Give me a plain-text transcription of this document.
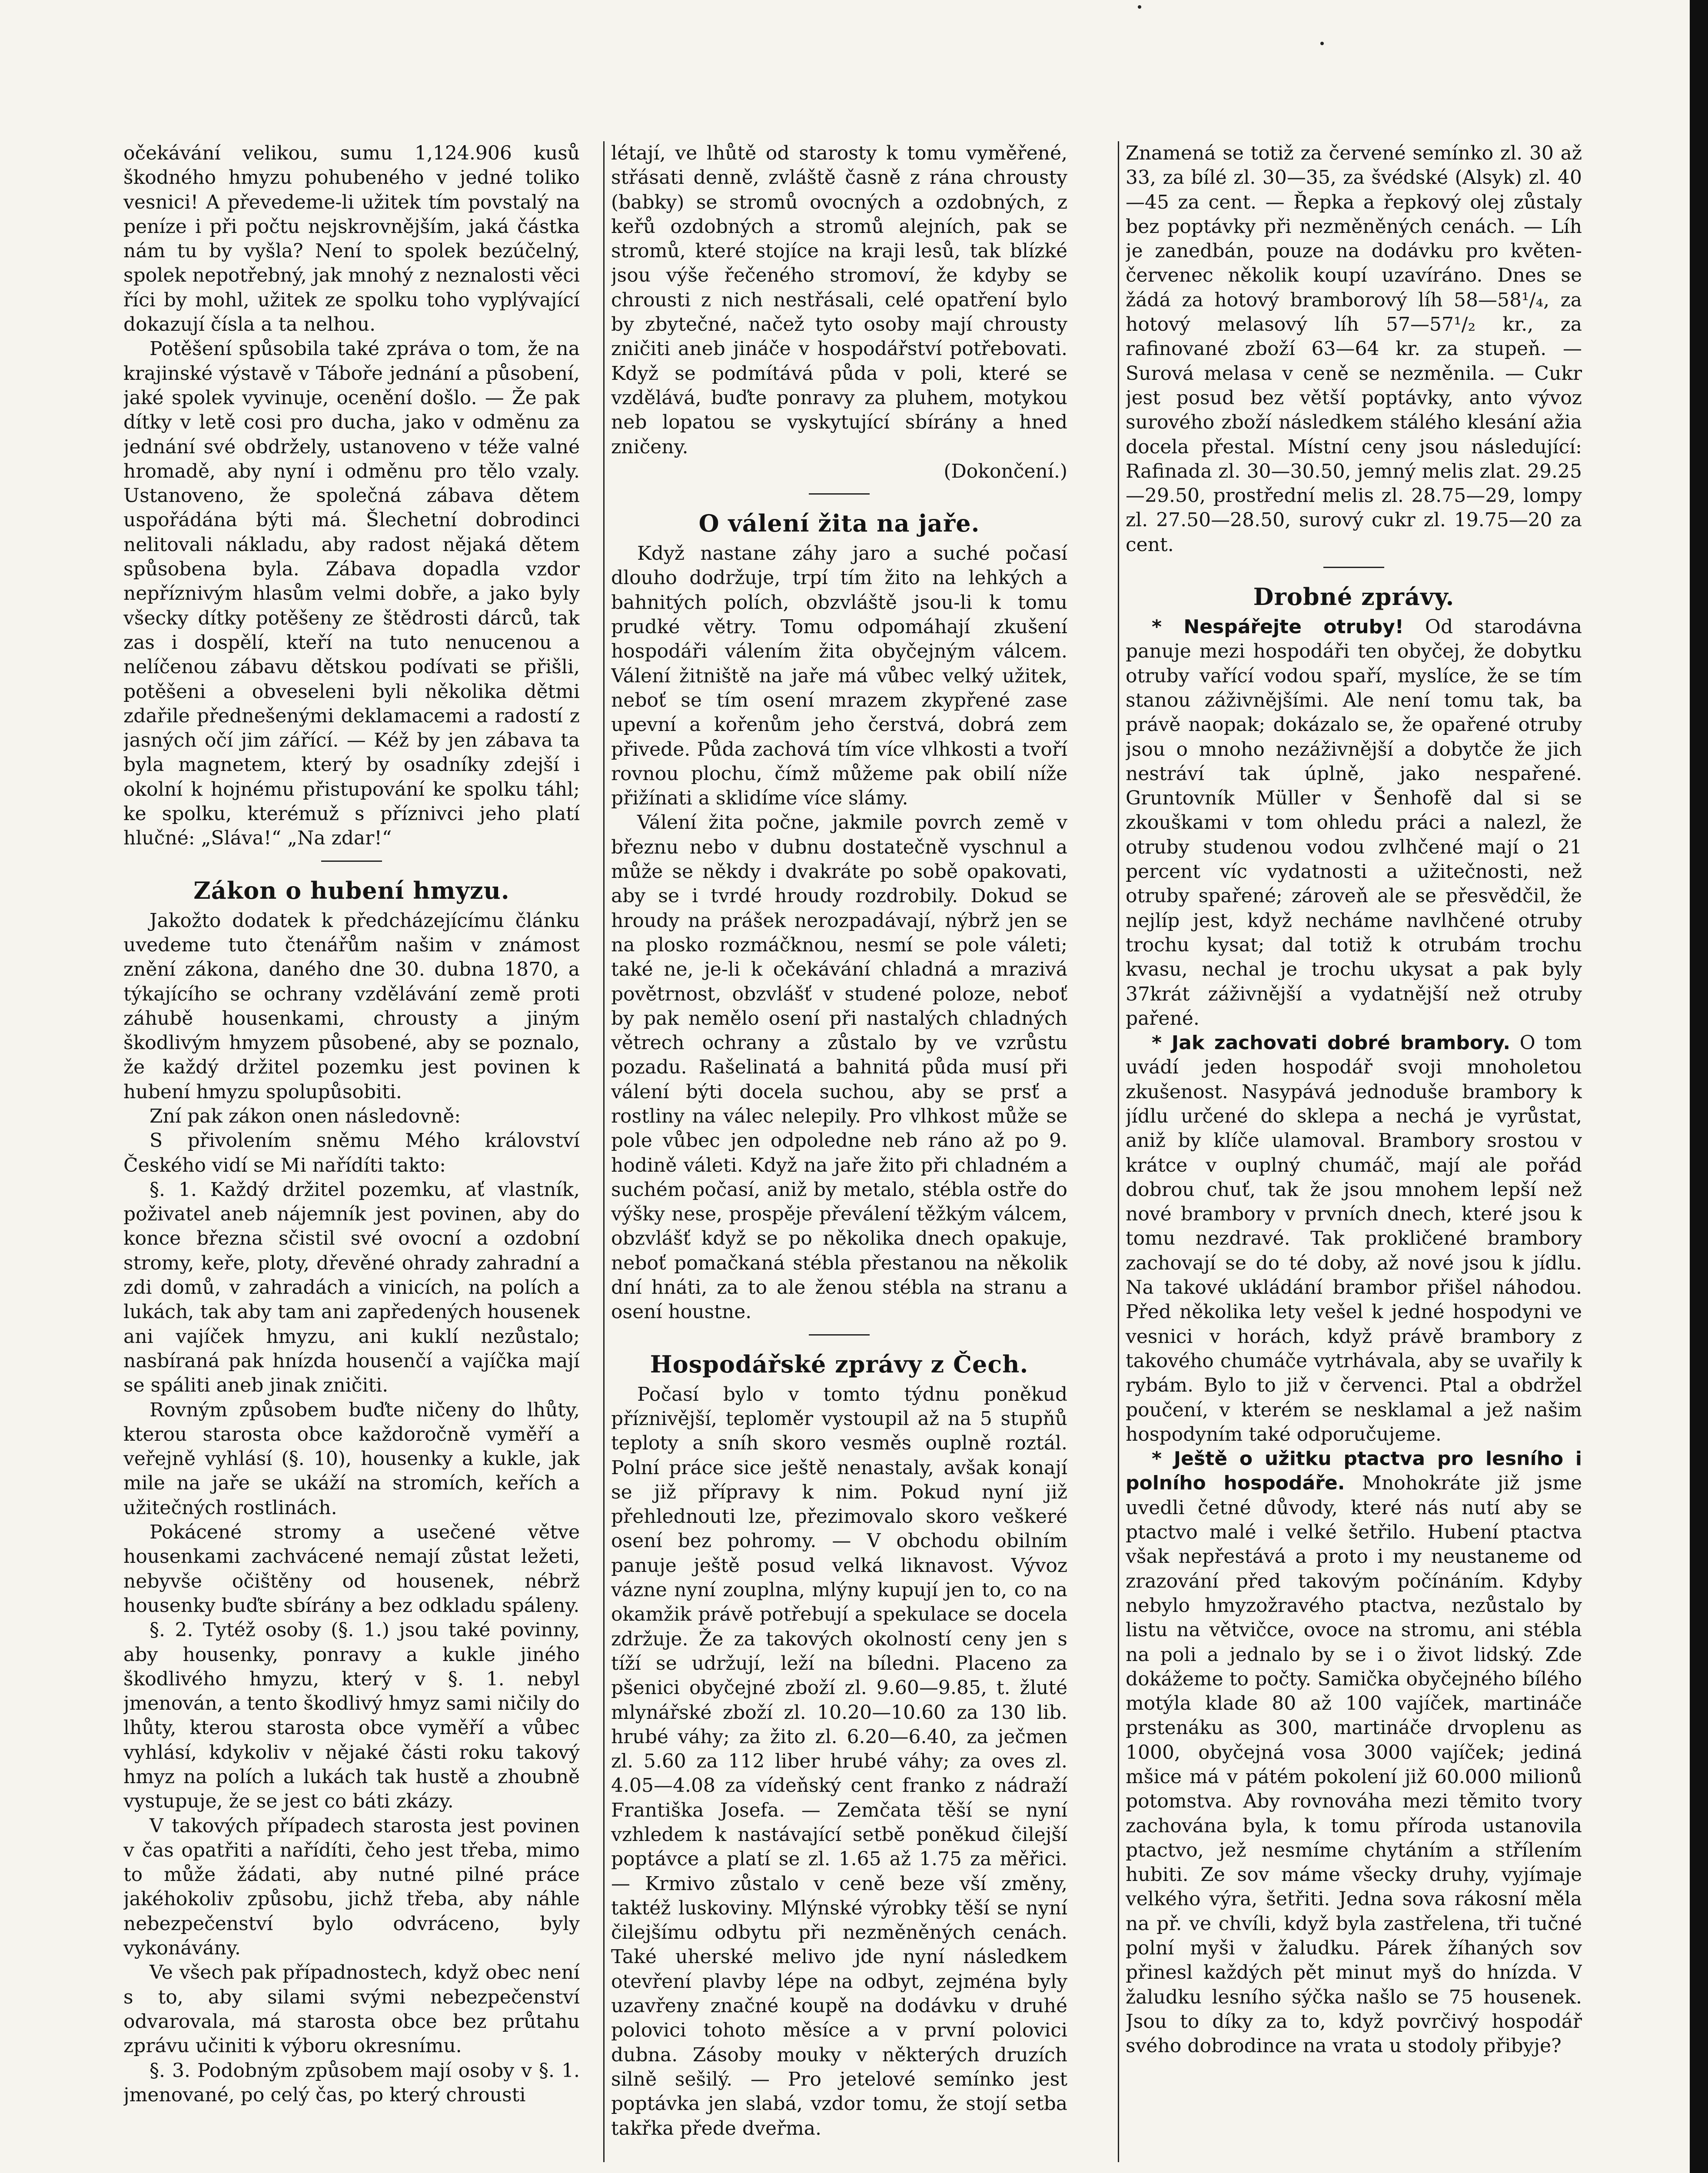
očekávání velikou, sumu 1,124.906 kusů škodného hmyzu pohubeného v jedné toliko vesnici! A převedeme-li užitek tím povstalý na peníze i při počtu nejskrovnějším, jaká částka nám tu by vyšla? Není to spolek bezúčelný, spolek nepotřebný, jak mnohý z neznalosti věci říci by mohl, užitek ze spolku toho vyplývající dokazují čísla a ta nelhou.

Potěšení spůsobila také zpráva o tom, že na krajinské výstavě v Táboře jednání a působení, jaké spolek vyvinuje, ocenění došlo. — Že pak dítky v letě cosi pro ducha, jako v odměnu za jednání své obdržely, ustanoveno v téže valné hromadě, aby nyní i odměnu pro tělo vzaly. Ustanoveno, že společná zábava dětem uspořádána býti má. Šlechetní dobrodinci nelitovali nákladu, aby radost nějaká dětem spůsobena byla. Zábava dopadla vzdor nepříznivým hlasům velmi dobře, a jako byly všecky dítky potěšeny ze štědrosti dárců, tak zas i dospělí, kteří na tuto nenucenou a nelíčenou zábavu dětskou podívati se přišli, potěšeni a obveseleni byli několika dětmi zdařile přednešenými deklamacemi a radostí z jasných očí jim zářící. — Kéž by jen zábava ta byla magnetem, který by osadníky zdejší i okolní k hojnému přistupování ke spolku táhl; ke spolku, kterémuž s příznivci jeho platí hlučné: „Sláva!“ „Na zdar!“

Zákon o hubení hmyzu.

Jakožto dodatek k předcházejícímu článku uvedeme tuto čtenářům našim v známost znění zákona, daného dne 30. dubna 1870, a týkajícího se ochrany vzdělávání země proti záhubě housenkami, chrousty a jiným škodlivým hmyzem působené, aby se poznalo, že každý držitel pozemku jest povinen k hubení hmyzu spolupůsobiti.

Zní pak zákon onen následovně:

S přivolením sněmu Mého království Českého vidí se Mi nařídíti takto:

§. 1. Každý držitel pozemku, ať vlastník, poživatel aneb nájemník jest povinen, aby do konce března sčistil své ovocní a ozdobní stromy, keře, ploty, dřevěné ohrady zahradní a zdi domů, v zahradách a vinicích, na polích a lukách, tak aby tam ani zapředených housenek ani vajíček hmyzu, ani kuklí nezůstalo; nasbíraná pak hnízda housenčí a vajíčka mají se spáliti aneb jinak zničiti.

Rovným způsobem buďte ničeny do lhůty, kterou starosta obce každoročně vyměří a veřejně vyhlásí (§. 10), housenky a kukle, jak mile na jaře se ukáží na stromích, keřích a užitečných rostlinách.

Pokácené stromy a usečené větve housenkami zachvácené nemají zůstat ležeti, nebyvše očištěny od housenek, nébrž housenky buďte sbírány a bez odkladu spáleny.

§. 2. Tytéž osoby (§. 1.) jsou také povinny, aby housenky, ponravy a kukle jiného škodlivého hmyzu, který v §. 1. nebyl jmenován, a tento škodlivý hmyz sami ničily do lhůty, kterou starosta obce vyměří a vůbec vyhlásí, kdykoliv v nějaké části roku takový hmyz na polích a lukách tak hustě a zhoubně vystupuje, že se jest co báti zkázy.

V takových případech starosta jest povinen v čas opatřiti a nařídíti, čeho jest třeba, mimo to může žádati, aby nutné pilné práce jakéhokoliv způsobu, jichž třeba, aby náhle nebezpečenství bylo odvráceno, byly vykonávány.

Ve všech pak případnostech, když obec není s to, aby silami svými nebezpečenství odvarovala, má starosta obce bez průtahu zprávu učiniti k výboru okresnímu.

§. 3. Podobným způsobem mají osoby v §. 1. jmenované, po celý čas, po který chrousti

létají, ve lhůtě od starosty k tomu vyměřené, střásati denně, zvláště časně z rána chrousty (babky) se stromů ovocných a ozdobných, z keřů ozdobných a stromů alejních, pak se stromů, které stojíce na kraji lesů, tak blízké jsou výše řečeného stromoví, že kdyby se chrousti z nich nestřásali, celé opatření bylo by zbytečné, načež tyto osoby mají chrousty zničiti aneb jináče v hospodářství potřebovati. Když se podmítává půda v poli, které se vzdělává, buďte ponravy za pluhem, motykou neb lopatou se vyskytující sbírány a hned zničeny.

(Dokončení.)
O válení žita na jaře.

Když nastane záhy jaro a suché počasí dlouho dodržuje, trpí tím žito na lehkých a bahnitých polích, obzvláště jsou-li k tomu prudké větry. Tomu odpomáhají zkušení hospodáři válením žita obyčejným válcem. Válení žitniště na jaře má vůbec velký užitek, neboť se tím osení mrazem zkypřené zase upevní a kořenům jeho čerstvá, dobrá zem přivede. Půda zachová tím více vlhkosti a tvoří rovnou plochu, čímž můžeme pak obilí níže přižínati a sklidíme více slámy.

Válení žita počne, jakmile povrch země v březnu nebo v dubnu dostatečně vyschnul a může se někdy i dvakráte po sobě opakovati, aby se i tvrdé hroudy rozdrobily. Dokud se hroudy na prášek nerozpadávají, nýbrž jen se na plosko rozmáčknou, nesmí se pole váleti; také ne, je-li k očekávání chladná a mrazivá povětrnost, obzvlášť v studené poloze, neboť by pak nemělo osení při nastalých chladných větrech ochrany a zůstalo by ve vzrůstu pozadu. Rašelinatá a bahnitá půda musí při válení býti docela suchou, aby se prsť a rostliny na válec nelepily. Pro vlhkost může se pole vůbec jen odpoledne neb ráno až po 9. hodině váleti. Když na jaře žito při chladném a suchém počasí, aniž by metalo, stébla ostře do výšky nese, prospěje převálení těžkým válcem, obzvlášť když se po několika dnech opakuje, neboť pomačkaná stébla přestanou na několik dní hnáti, za to ale ženou stébla na stranu a osení houstne.

Hospodářské zprávy z Čech.

Počasí bylo v tomto týdnu poněkud příznivější, teploměr vystoupil až na 5 stupňů teploty a sníh skoro vesměs ouplně roztál. Polní práce sice ještě nenastaly, avšak konají se již přípravy k nim. Pokud nyní již přehlednouti lze, přezimovalo skoro veškeré osení bez pohromy. — V obchodu obilním panuje ještě posud velká liknavost. Vývoz vázne nyní zouplna, mlýny kupují jen to, co na okamžik právě potřebují a spekulace se docela zdržuje. Že za takových okolností ceny jen s tíží se udržují, leží na bíledni. Placeno za pšenici obyčejné zboží zl. 9.60—9.85, t. žluté mlynářské zboží zl. 10.20—10.60 za 130 lib. hrubé váhy; za žito zl. 6.20—6.40, za ječmen zl. 5.60 za 112 liber hrubé váhy; za oves zl. 4.05—4.08 za vídeňský cent franko z nádraží Františka Josefa. — Zemčata těší se nyní vzhledem k nastávající setbě poněkud čilejší poptávce a platí se zl. 1.65 až 1.75 za měřici. — Krmivo zůstalo v ceně beze vší změny, taktéž luskoviny. Mlýnské výrobky těší se nyní čilejšímu odbytu při nezměněných cenách. Také uherské melivo jde nyní následkem otevření plavby lépe na odbyt, zejména byly uzavřeny značné koupě na dodávku v druhé polovici tohoto měsíce a v první polovici dubna. Zásoby mouky v některých druzích silně sešilý. — Pro jetelové semínko jest poptávka jen slabá, vzdor tomu, že stojí setba takřka přede dveřma.

Znamená se totiž za červené semínko zl. 30 až 33, za bílé zl. 30—35, za švédské (Alsyk) zl. 40—45 za cent. — Řepka a řepkový olej zůstaly bez poptávky při nezměněných cenách. — Líh je zanedbán, pouze na dodávku pro květen-červenec několik koupí uzavíráno. Dnes se žádá za hotový bramborový líh 58—58¹/₄, za hotový melasový líh 57—57¹/₂ kr., za rafinované zboží 63—64 kr. za stupeň. — Surová melasa v ceně se nezměnila. — Cukr jest posud bez větší poptávky, anto vývoz surového zboží následkem stálého klesání ažia docela přestal. Místní ceny jsou následující: Rafinada zl. 30—30.50, jemný melis zlat. 29.25—29.50, prostřední melis zl. 28.75—29, lompy zl. 27.50—28.50, surový cukr zl. 19.75—20 za cent.

Drobné zprávy.

* Nespářejte otruby! Od starodávna panuje mezi hospodáři ten obyčej, že dobytku otruby vařící vodou spaří, myslíce, že se tím stanou záživnějšími. Ale není tomu tak, ba právě naopak; dokázalo se, že opařené otruby jsou o mnoho nezáživnější a dobytče že jich nestráví tak úplně, jako nespařené. Gruntovník Müller v Šenhofě dal si se zkouškami v tom ohledu práci a nalezl, že otruby studenou vodou zvlhčené mají o 21 percent víc vydatnosti a užitečnosti, než otruby spařené; zároveň ale se přesvědčil, že nejlíp jest, když necháme navlhčené otruby trochu kysat; dal totiž k otrubám trochu kvasu, nechal je trochu ukysat a pak byly 37krát záživnější a vydatnější než otruby pařené.

* Jak zachovati dobré brambory. O tom uvádí jeden hospodář svoji mnoholetou zkušenost. Nasypává jednoduše brambory k jídlu určené do sklepa a nechá je vyrůstat, aniž by klíče ulamoval. Brambory srostou v krátce v ouplný chumáč, mají ale pořád dobrou chuť, tak že jsou mnohem lepší než nové brambory v prvních dnech, které jsou k tomu nezdravé. Tak prokličené brambory zachovají se do té doby, až nové jsou k jídlu. Na takové ukládání brambor přišel náhodou. Před několika lety vešel k jedné hospodyni ve vesnici v horách, když právě brambory z takového chumáče vytrhávala, aby se uvařily k rybám. Bylo to již v červenci. Ptal a obdržel poučení, v kterém se nesklamal a jež našim hospodyním také odporučujeme.

* Ještě o užitku ptactva pro lesního i polního hospodáře. Mnohokráte již jsme uvedli četné důvody, které nás nutí aby se ptactvo malé i velké šetřilo. Hubení ptactva však nepřestává a proto i my neustaneme od zrazování před takovým počínáním. Kdyby nebylo hmyzožravého ptactva, nezůstalo by listu na větvičce, ovoce na stromu, ani stébla na poli a jednalo by se i o život lidský. Zde dokážeme to počty. Samička obyčejného bílého motýla klade 80 až 100 vajíček, martináče prstenáku as 300, martináče drvoplenu as 1000, obyčejná vosa 3000 vajíček; jediná mšice má v pátém pokolení již 60.000 milionů potomstva. Aby rovnováha mezi těmito tvory zachována byla, k tomu příroda ustanovila ptactvo, jež nesmíme chytáním a střílením hubiti. Ze sov máme všecky druhy, vyjímaje velkého výra, šetřiti. Jedna sova rákosní měla na př. ve chvíli, když byla zastřelena, tři tučné polní myši v žaludku. Párek žíhaných sov přinesl každých pět minut myš do hnízda. V žaludku lesního sýčka našlo se 75 housenek. Jsou to díky za to, když povrčivý hospodář svého dobrodince na vrata u stodoly přibyje?
